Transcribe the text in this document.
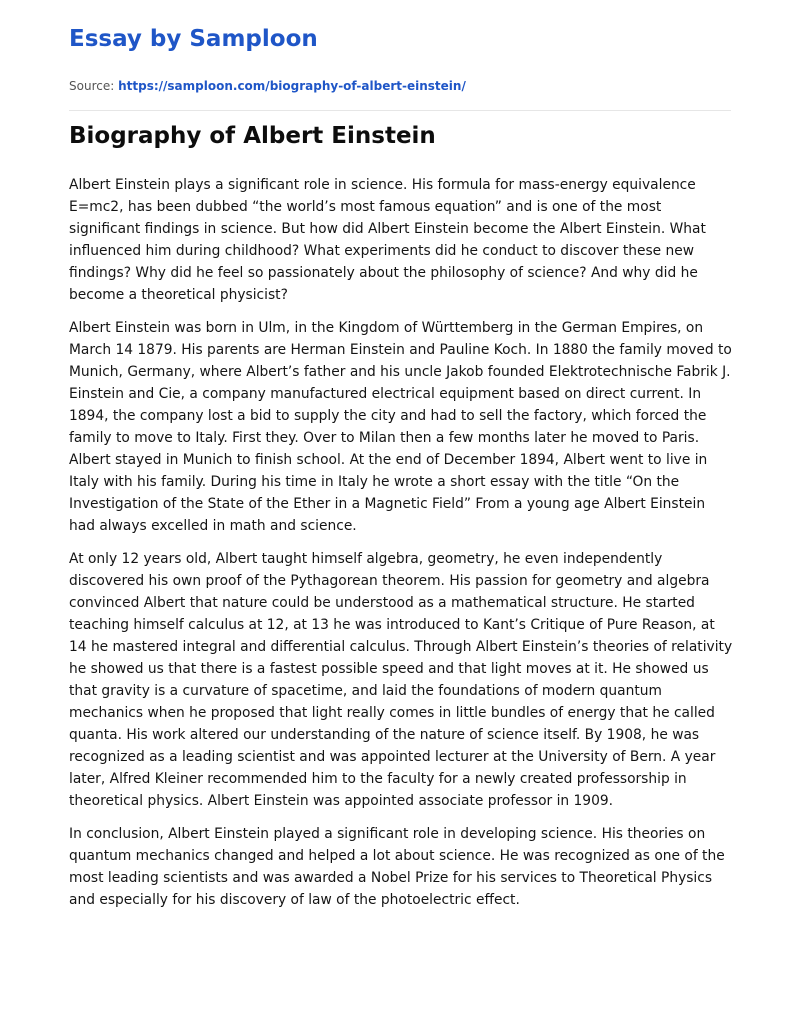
Essay by Samploon

Source: https://samploon.com/biography-of-albert-einstein/

Biography of Albert Einstein

Albert Einstein plays a significant role in science. His formula for mass-energy equivalence E=mc2, has been dubbed “the world’s most famous equation” and is one of the most significant findings in science. But how did Albert Einstein become the Albert Einstein. What influenced him during childhood? What experiments did he conduct to discover these new findings? Why did he feel so passionately about the philosophy of science? And why did he become a theoretical physicist?

Albert Einstein was born in Ulm, in the Kingdom of Württemberg in the German Empires, on March 14 1879. His parents are Herman Einstein and Pauline Koch. In 1880 the family moved to Munich, Germany, where Albert’s father and his uncle Jakob founded Elektrotechnische Fabrik J. Einstein and Cie, a company manufactured electrical equipment based on direct current. In 1894, the company lost a bid to supply the city and had to sell the factory, which forced the family to move to Italy. First they. Over to Milan then a few months later he moved to Paris. Albert stayed in Munich to finish school. At the end of December 1894, Albert went to live in Italy with his family. During his time in Italy he wrote a short essay with the title “On the Investigation of the State of the Ether in a Magnetic Field” From a young age Albert Einstein had always excelled in math and science.

At only 12 years old, Albert taught himself algebra, geometry, he even independently discovered his own proof of the Pythagorean theorem. His passion for geometry and algebra convinced Albert that nature could be understood as a mathematical structure. He started teaching himself calculus at 12, at 13 he was introduced to Kant’s Critique of Pure Reason, at 14 he mastered integral and differential calculus. Through Albert Einstein’s theories of relativity he showed us that there is a fastest possible speed and that light moves at it. He showed us that gravity is a curvature of spacetime, and laid the foundations of modern quantum mechanics when he proposed that light really comes in little bundles of energy that he called quanta. His work altered our understanding of the nature of science itself. By 1908, he was recognized as a leading scientist and was appointed lecturer at the University of Bern. A year later, Alfred Kleiner recommended him to the faculty for a newly created professorship in theoretical physics. Albert Einstein was appointed associate professor in 1909.

In conclusion, Albert Einstein played a significant role in developing science. His theories on quantum mechanics changed and helped a lot about science. He was recognized as one of the most leading scientists and was awarded a Nobel Prize for his services to Theoretical Physics and especially for his discovery of law of the photoelectric effect.
